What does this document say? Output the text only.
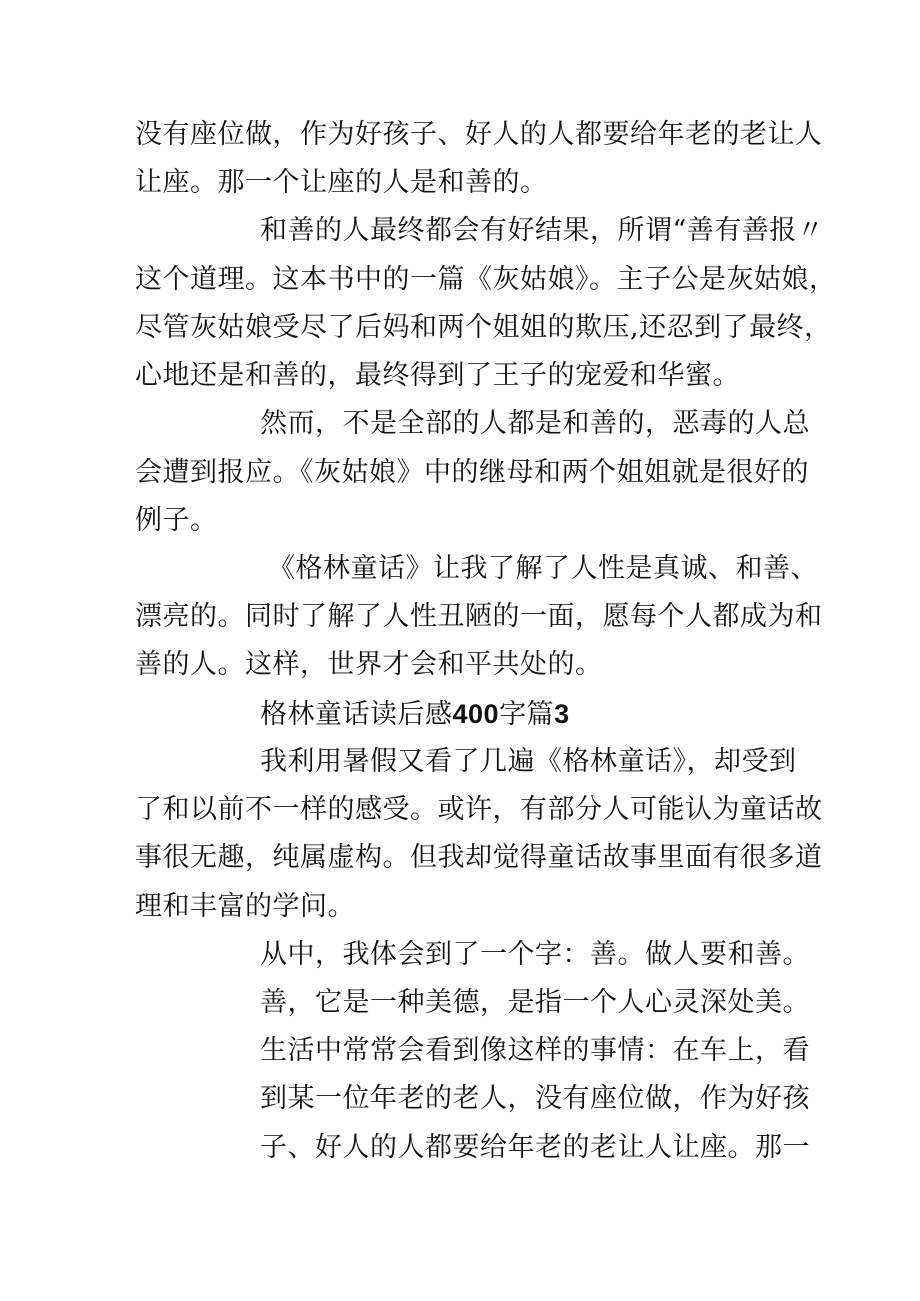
没有座位做，作为好孩子、好人的人都要给年老的老让人
让座。那一个让座的人是和善的。
和善的人最终都会有好结果，所谓“善有善报〃
这个道理。这本书中的一篇《灰姑娘》。主子公是灰姑娘，
尽管灰姑娘受尽了后妈和两个姐姐的欺压,还忍到了最终，
心地还是和善的，最终得到了王子的宠爱和华蜜。
然而，不是全部的人都是和善的，恶毒的人总
会遭到报应。《灰姑娘》中的继母和两个姐姐就是很好的
例子。
《格林童话》让我了解了人性是真诚、和善、
漂亮的。同时了解了人性丑陋的一面，愿每个人都成为和
善的人。这样，世界才会和平共处的。
格林童话读后感400字篇3
我利用暑假又看了几遍《格林童话》，却受到
了和以前不一样的感受。或许，有部分人可能认为童话故
事很无趣，纯属虚构。但我却觉得童话故事里面有很多道
理和丰富的学问。
从中，我体会到了一个字：善。做人要和善。
善，它是一种美德，是指一个人心灵深处美。
生活中常常会看到像这样的事情：在车上，看
到某一位年老的老人，没有座位做，作为好孩
子、好人的人都要给年老的老让人让座。那一
